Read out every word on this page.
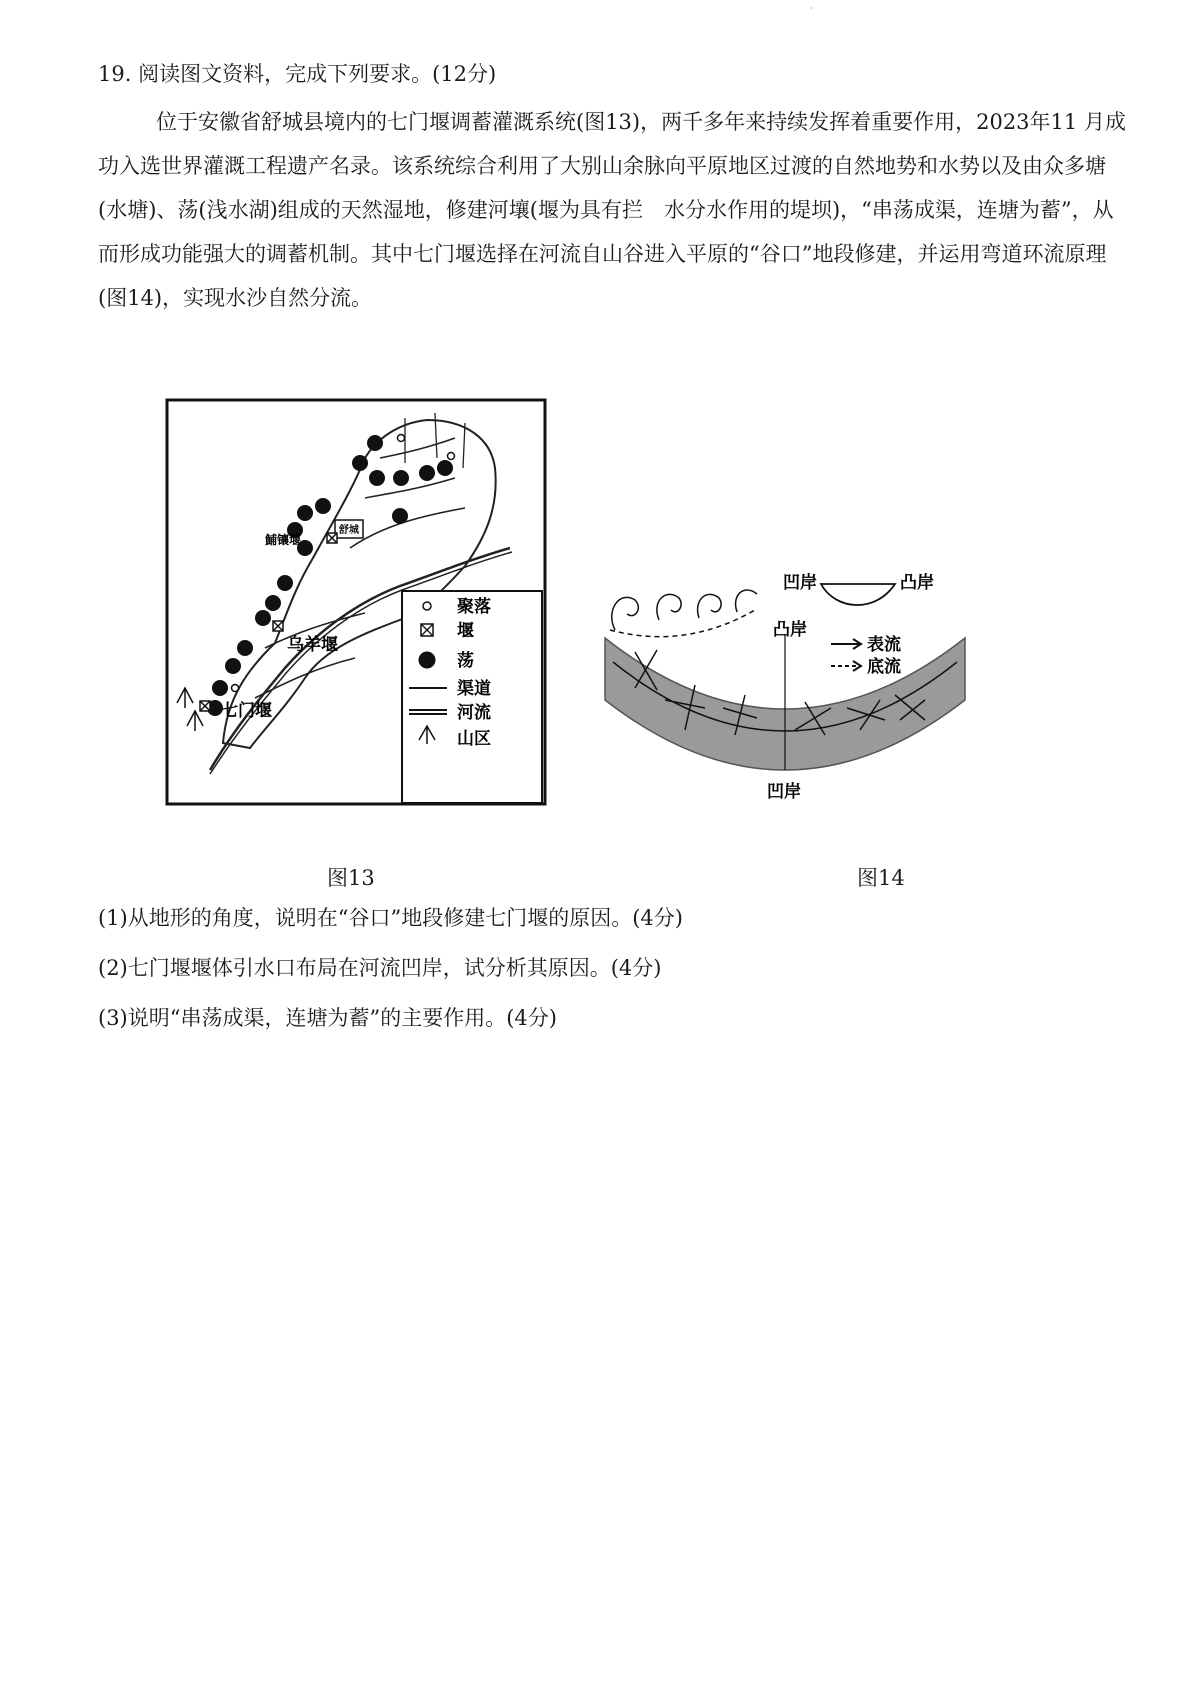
·
19. 阅读图文资料，完成下列要求。(12分)
位于安徽省舒城县境内的七门堰调蓄灌溉系统(图13)，两千多年来持续发挥着重要作用，2023年11 月成功入选世界灌溉工程遗产名录。该系统综合利用了大别山余脉向平原地区过渡的自然地势和水势以及由众多塘(水塘)、荡(浅水湖)组成的天然湿地，修建河壤(堰为具有拦　水分水作用的堤坝)，“串荡成渠，连塘为蓄”，从而形成功能强大的调蓄机制。其中七门堰选择在河流自山谷进入平原的“谷口”地段修建，并运用弯道环流原理(图14)，实现水沙自然分流。
舒城
鯆镶堰
乌羊堰
七门堰
聚落
堰
荡
渠道
河流
山区
凸岸
凹岸
凹岸	凸岸
表流
底流
图13	图14
(1)从地形的角度，说明在“谷口”地段修建七门堰的原因。(4分)
(2)七门堰堰体引水口布局在河流凹岸，试分析其原因。(4分)
(3)说明“串荡成渠，连塘为蓄”的主要作用。(4分)
